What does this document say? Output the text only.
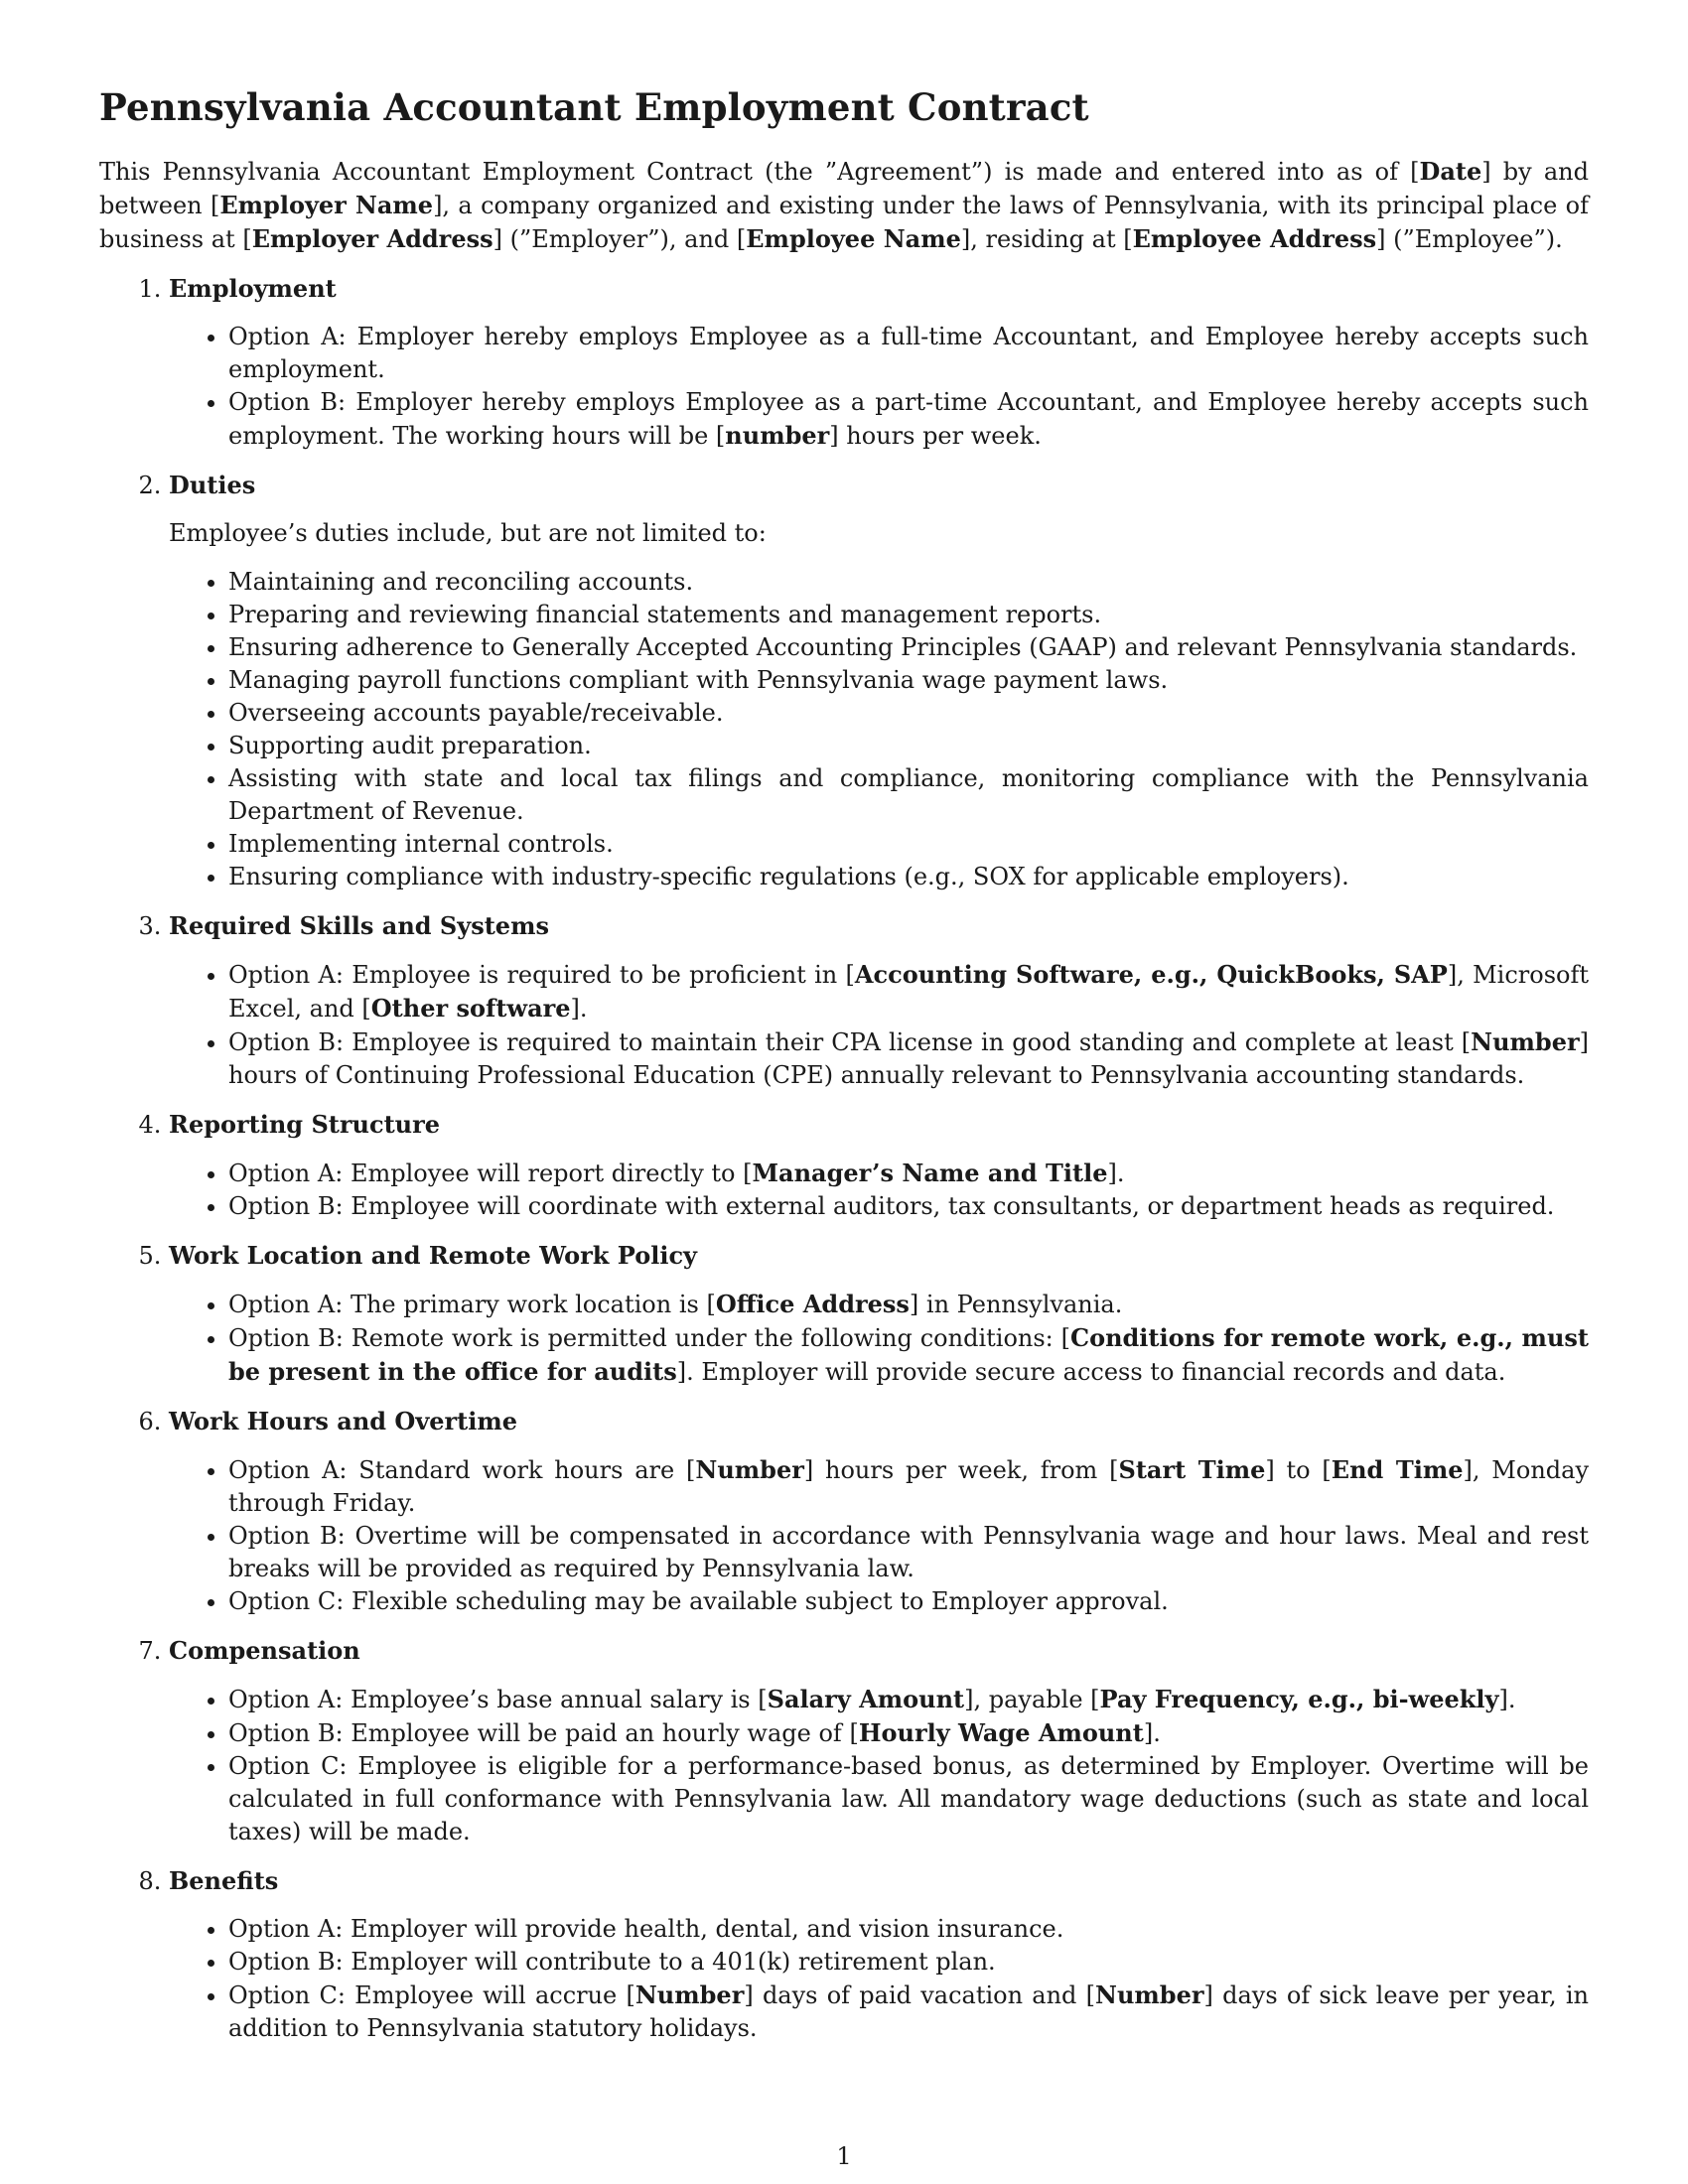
Pennsylvania Accountant Employment Contract

This Pennsylvania Accountant Employment Contract (the ”Agreement”) is made and entered into as of [Date] by and between [Employer Name], a company organized and existing under the laws of Pennsylvania, with its principal place of business at [Employer Address] (”Employer”), and [Employee Name], residing at [Employee Address] (”Employee”).

1. Employment
• Option A: Employer hereby employs Employee as a full-time Accountant, and Employee hereby accepts such employment.
• Option B: Employer hereby employs Employee as a part-time Accountant, and Employee hereby accepts such employment. The working hours will be [number] hours per week.
2. Duties

Employee’s duties include, but are not limited to:

• Maintaining and reconciling accounts.
• Preparing and reviewing financial statements and management reports.
• Ensuring adherence to Generally Accepted Accounting Principles (GAAP) and relevant Pennsylvania standards.
• Managing payroll functions compliant with Pennsylvania wage payment laws.
• Overseeing accounts payable/receivable.
• Supporting audit preparation.
• Assisting with state and local tax filings and compliance, monitoring compliance with the Pennsylvania Department of Revenue.
• Implementing internal controls.
• Ensuring compliance with industry-specific regulations (e.g., SOX for applicable employers).
3. Required Skills and Systems
• Option A: Employee is required to be proficient in [Accounting Software, e.g., QuickBooks, SAP], Microsoft Excel, and [Other software].
• Option B: Employee is required to maintain their CPA license in good standing and complete at least [Number] hours of Continuing Professional Education (CPE) annually relevant to Pennsylvania accounting standards.
4. Reporting Structure
• Option A: Employee will report directly to [Manager’s Name and Title].
• Option B: Employee will coordinate with external auditors, tax consultants, or department heads as required.
5. Work Location and Remote Work Policy
• Option A: The primary work location is [Office Address] in Pennsylvania.
• Option B: Remote work is permitted under the following conditions: [Conditions for remote work, e.g., must be present in the office for audits]. Employer will provide secure access to financial records and data.
6. Work Hours and Overtime
• Option A: Standard work hours are [Number] hours per week, from [Start Time] to [End Time], Monday through Friday.
• Option B: Overtime will be compensated in accordance with Pennsylvania wage and hour laws. Meal and rest breaks will be provided as required by Pennsylvania law.
• Option C: Flexible scheduling may be available subject to Employer approval.
7. Compensation
• Option A: Employee’s base annual salary is [Salary Amount], payable [Pay Frequency, e.g., bi-weekly].
• Option B: Employee will be paid an hourly wage of [Hourly Wage Amount].
• Option C: Employee is eligible for a performance-based bonus, as determined by Employer. Overtime will be calculated in full conformance with Pennsylvania law. All mandatory wage deductions (such as state and local taxes) will be made.
8. Benefits
• Option A: Employer will provide health, dental, and vision insurance.
• Option B: Employer will contribute to a 401(k) retirement plan.
• Option C: Employee will accrue [Number] days of paid vacation and [Number] days of sick leave per year, in addition to Pennsylvania statutory holidays.
1
